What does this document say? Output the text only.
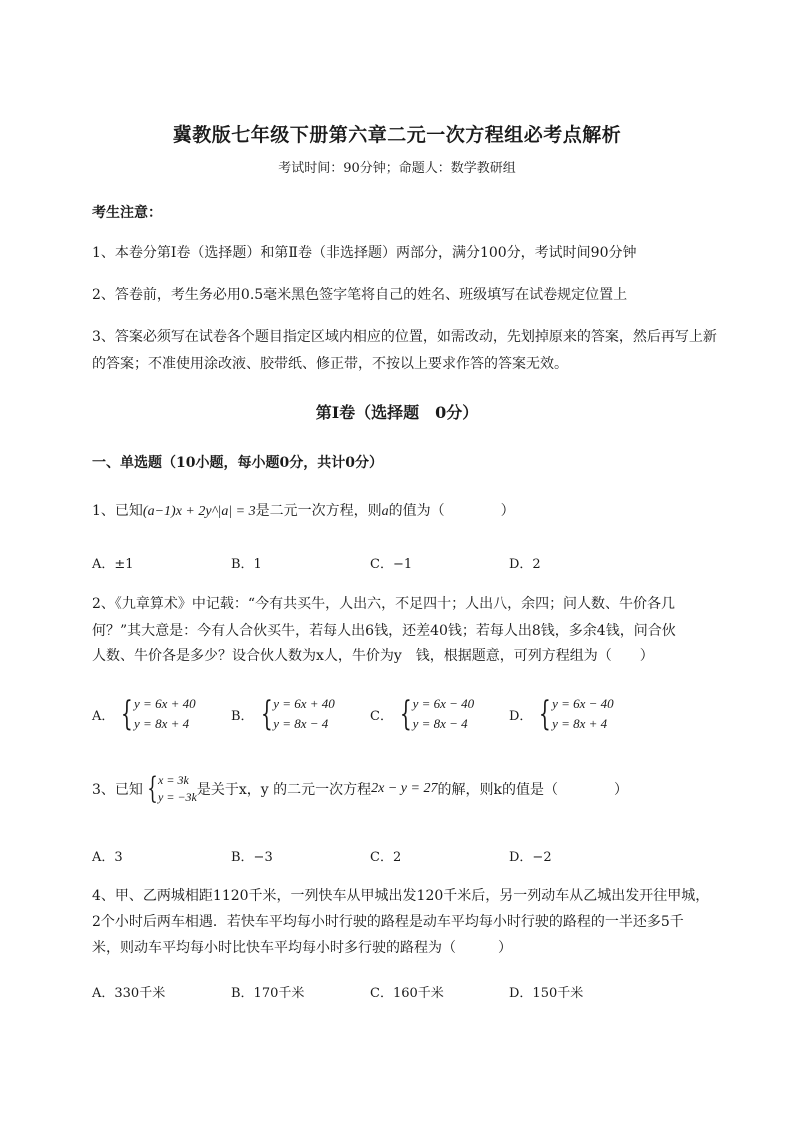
冀教版七年级下册第六章二元一次方程组必考点解析
考试时间：90分钟；命题人：数学教研组
考生注意：
1、本卷分第I卷（选择题）和第Ⅱ卷（非选择题）两部分，满分100分，考试时间90分钟
2、答卷前，考生务必用0.5毫米黑色签字笔将自己的姓名、班级填写在试卷规定位置上
3、答案必须写在试卷各个题目指定区域内相应的位置，如需改动，先划掉原来的答案，然后再写上新
的答案；不准使用涂改液、胶带纸、修正带，不按以上要求作答的答案无效。
第I卷（选择题　0分）
一、单选题（10小题，每小题0分，共计0分）
1、已知(a−1)x + 2y^|a| = 3是二元一次方程，则a的值为（　　　　）
A．±1	B．1	C．−1	D．2
2、《九章算术》中记载：“今有共买牛，人出六，不足四十；人出八，余四；问人数、牛价各几
何？”其大意是：今有人合伙买牛，若每人出6钱，还差40钱；若每人出8钱，多余4钱，问合伙
人数、牛价各是多少？设合伙人数为x人，牛价为y　钱，根据题意，可列方程组为（　　）
A． { y = 6x + 40
y = 8x + 4	B． { y = 6x + 40
y = 8x − 4	C． { y = 6x − 40
y = 8x − 4	D． { y = 6x − 40
y = 8x + 4
3、已知 { x = 3k
y = −3k 是关于x，y 的二元一次方程 2x − y = 27 的解，则k的值是（　　　　）
A．3	B．−3	C．2	D．−2
4、甲、乙两城相距1120千米，一列快车从甲城出发120千米后，另一列动车从乙城出发开往甲城，
2个小时后两车相遇．若快车平均每小时行驶的路程是动车平均每小时行驶的路程的一半还多5千
米，则动车平均每小时比快车平均每小时多行驶的路程为（　　　）
A．330千米	B．170千米	C．160千米	D．150千米
